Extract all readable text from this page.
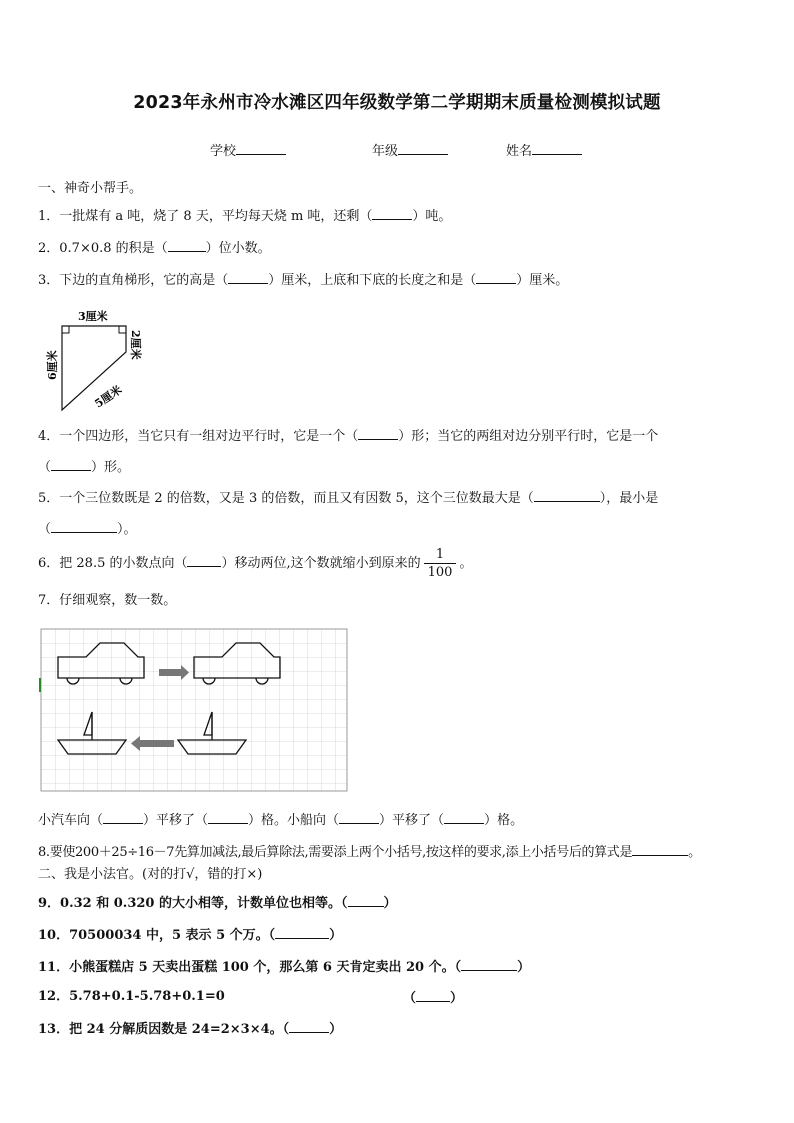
2023年永州市冷水滩区四年级数学第二学期期末质量检测模拟试题
学校	年级	姓名
一、神奇小帮手。
1．一批煤有 a 吨，烧了 8 天，平均每天烧 m 吨，还剩（	）吨。
2．0.7×0.8 的积是（	）位小数。
3．下边的直角梯形，它的高是（	）厘米，上底和下底的长度之和是（	）厘米。
3厘米
2厘米
6厘米
5厘米
4．一个四边形，当它只有一组对边平行时，它是一个（	）形；当它的两组对边分别平行时，它是一个
（	）形。
5．一个三位数既是 2 的倍数，又是 3 的倍数，而且又有因数 5，这个三位数最大是（	），最小是
（	）。
6．把 28.5 的小数点向（	）移动两位,这个数就缩小到原来的 $\frac{1}{100}$ 。
7．仔细观察，数一数。
小汽车向（	）平移了（	）格。小船向（	）平移了（	）格。
8.要使200＋25÷16－7先算加减法,最后算除法,需要添上两个小括号,按这样的要求,添上小括号后的算式是	。
二、我是小法官。(对的打√，错的打×)
9．0.32 和 0.320 的大小相等，计数单位也相等。（	）
10．70500034 中，5 表示 5 个万。（	）
11．小熊蛋糕店 5 天卖出蛋糕 100 个，那么第 6 天肯定卖出 20 个。（	）
12．5.78+0.1-5.78+0.1=0	（	）
13．把 24 分解质因数是 24=2×3×4。（	）
